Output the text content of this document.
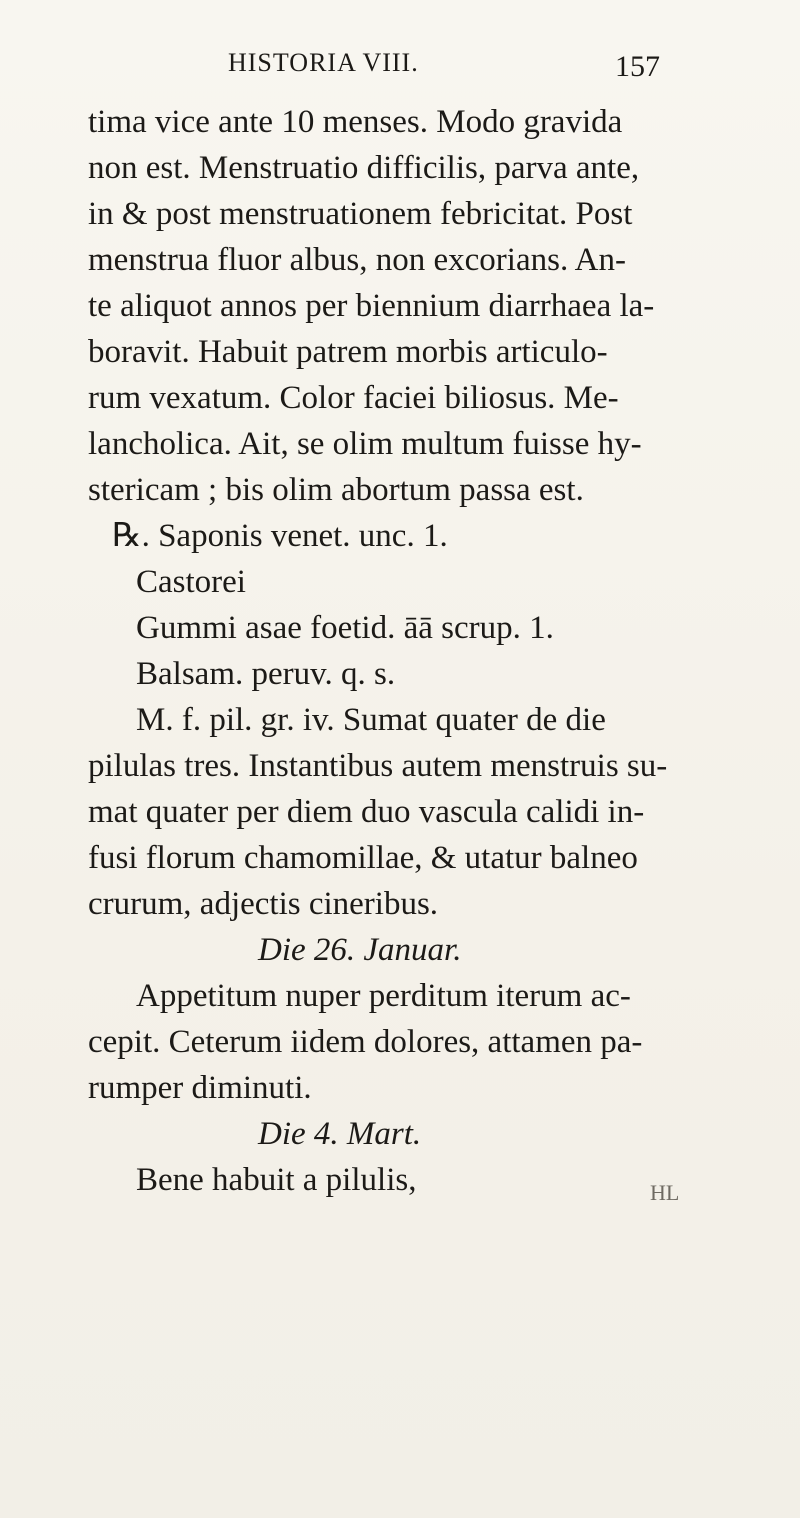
HISTORIA VIII.	157
tima vice ante 10 menses. Modo gravida
non est. Menstruatio difficilis, parva ante,
in & post menstruationem febricitat. Post
menstrua fluor albus, non excorians. An-
te aliquot annos per biennium diarrhaea la-
boravit. Habuit patrem morbis articulo-
rum vexatum. Color faciei biliosus. Me-
lancholica. Ait, se olim multum fuisse hy-
stericam ; bis olim abortum passa est.
℞. Saponis venet. unc. 1.
Castorei
Gummi asae foetid. āā scrup. 1.
Balsam. peruv. q. s.
M. f. pil. gr. iv. Sumat quater de die
pilulas tres. Instantibus autem menstruis su-
mat quater per diem duo vascula calidi in-
fusi florum chamomillae, & utatur balneo
crurum, adjectis cineribus.
Die 26. Januar.
Appetitum nuper perditum iterum ac-
cepit. Ceterum iidem dolores, attamen pa-
rumper diminuti.
Die 4. Mart.
Bene habuit a pilulis,	HL
